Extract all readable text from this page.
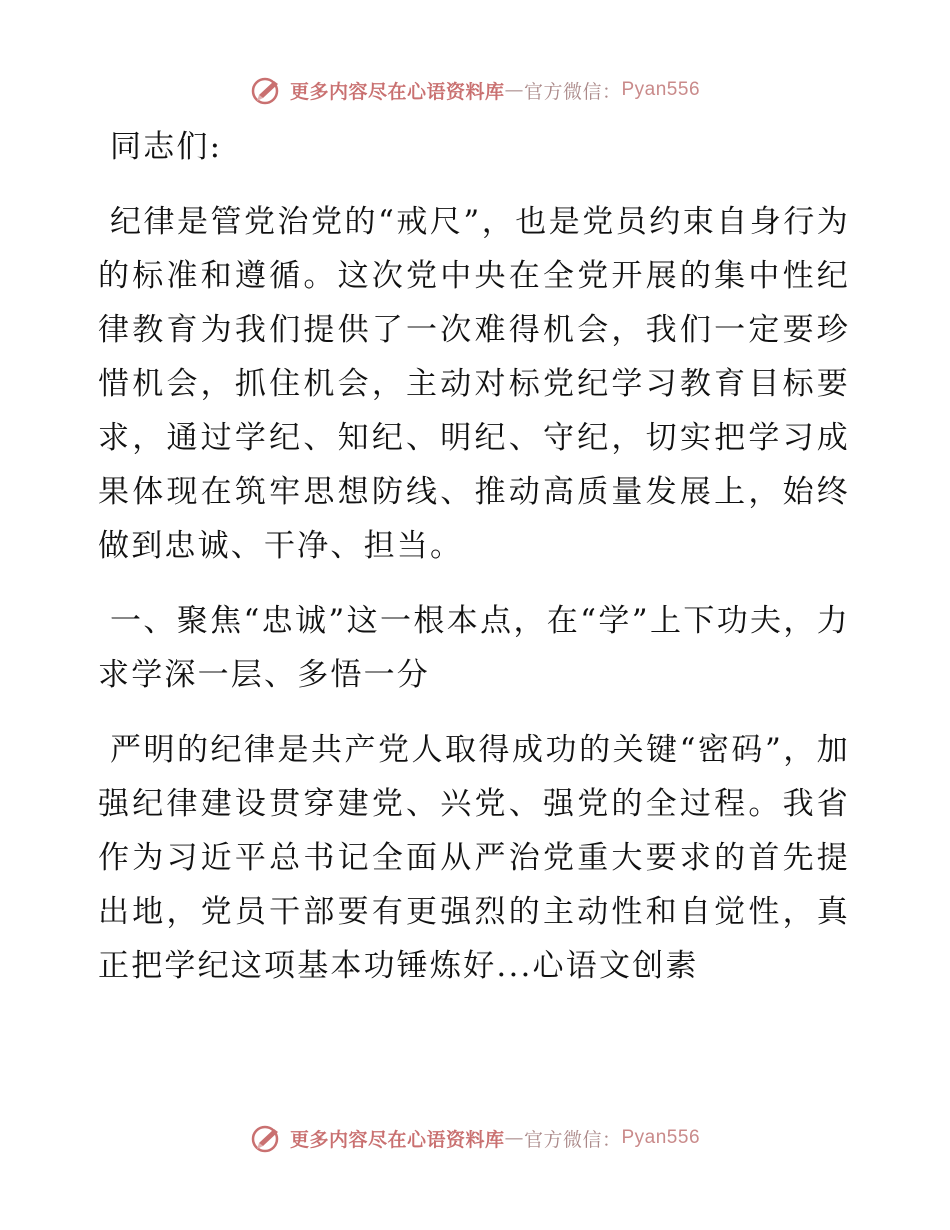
更多内容尽在心语资料库 — 官方微信： Pyan556

同志们:

纪律是管党治党的“戒尺”，也是党员约束自身行为的标准和遵循。这次党中央在全党开展的集中性纪律教育为我们提供了一次难得机会，我们一定要珍惜机会，抓住机会，主动对标党纪学习教育目标要求，通过学纪、知纪、明纪、守纪，切实把学习成果体现在筑牢思想防线、推动高质量发展上，始终做到忠诚、干净、担当。

一、聚焦“忠诚”这一根本点，在“学”上下功夫，力求学深一层、多悟一分

严明的纪律是共产党人取得成功的关键“密码”，加强纪律建设贯穿建党、兴党、强党的全过程。我省作为习近平总书记全面从严治党重大要求的首先提出地，党员干部要有更强烈的主动性和自觉性，真正把学纪这项基本功锤炼好...心语文创素

更多内容尽在心语资料库 — 官方微信： Pyan556
